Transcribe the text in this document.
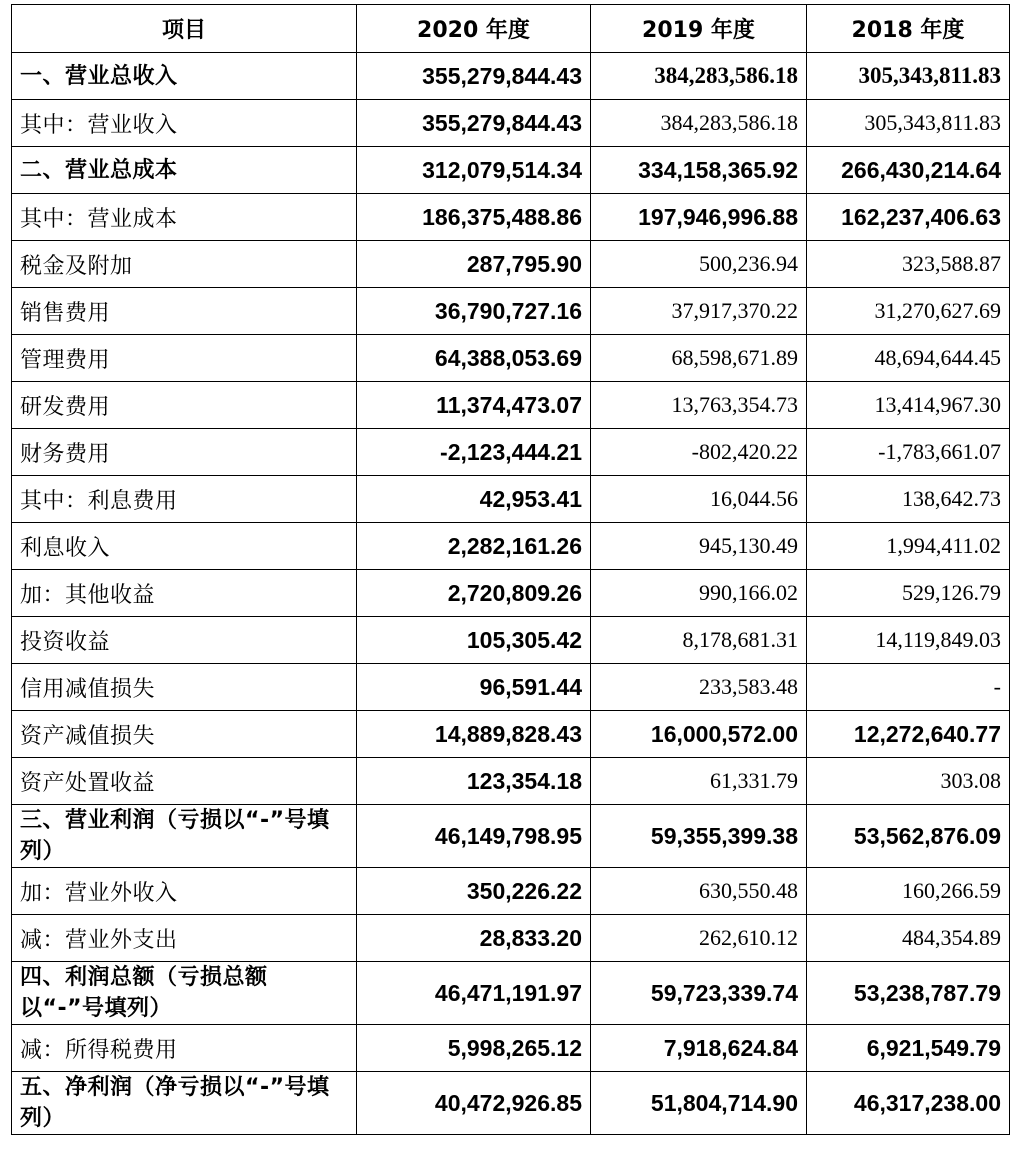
项目	2020 年度	2019 年度	2018 年度
一、营业总收入	355,279,844.43	384,283,586.18	305,343,811.83
其中：营业收入	355,279,844.43	384,283,586.18	305,343,811.83
二、营业总成本	312,079,514.34	334,158,365.92	266,430,214.64
其中：营业成本	186,375,488.86	197,946,996.88	162,237,406.63
税金及附加	287,795.90	500,236.94	323,588.87
销售费用	36,790,727.16	37,917,370.22	31,270,627.69
管理费用	64,388,053.69	68,598,671.89	48,694,644.45
研发费用	11,374,473.07	13,763,354.73	13,414,967.30
财务费用	-2,123,444.21	-802,420.22	-1,783,661.07
其中：利息费用	42,953.41	16,044.56	138,642.73
利息收入	2,282,161.26	945,130.49	1,994,411.02
加：其他收益	2,720,809.26	990,166.02	529,126.79
投资收益	105,305.42	8,178,681.31	14,119,849.03
信用减值损失	96,591.44	233,583.48	-
资产减值损失	14,889,828.43	16,000,572.00	12,272,640.77
资产处置收益	123,354.18	61,331.79	303.08
三、营业利润（亏损以“-”号填列）	46,149,798.95	59,355,399.38	53,562,876.09
加：营业外收入	350,226.22	630,550.48	160,266.59
减：营业外支出	28,833.20	262,610.12	484,354.89
四、利润总额（亏损总额以“-”号填列）	46,471,191.97	59,723,339.74	53,238,787.79
减：所得税费用	5,998,265.12	7,918,624.84	6,921,549.79
五、净利润（净亏损以“-”号填列）	40,472,926.85	51,804,714.90	46,317,238.00
